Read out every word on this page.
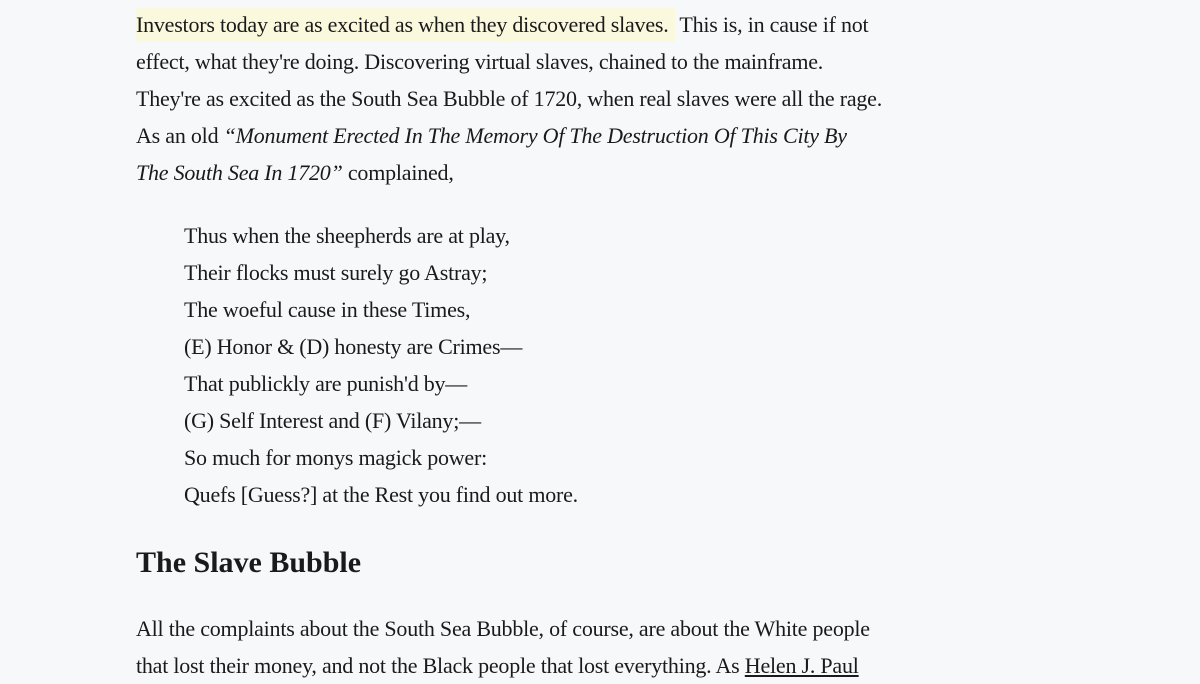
Investors today are as excited as when they discovered slaves. This is, in cause if not
effect, what they're doing. Discovering virtual slaves, chained to the mainframe.
They're as excited as the South Sea Bubble of 1720, when real slaves were all the rage.
As an old “Monument Erected In The Memory Of The Destruction Of This City By
The South Sea In 1720” complained,
Thus when the sheepherds are at play,
Their flocks must surely go Astray;
The woeful cause in these Times,
(E) Honor & (D) honesty are Crimes—
That publickly are punish'd by—
(G) Self Interest and (F) Vilany;—
So much for monys magick power:
Quefs [Guess?] at the Rest you find out more.
The Slave Bubble
All the complaints about the South Sea Bubble, of course, are about the White people
that lost their money, and not the Black people that lost everything. As Helen J. Paul
